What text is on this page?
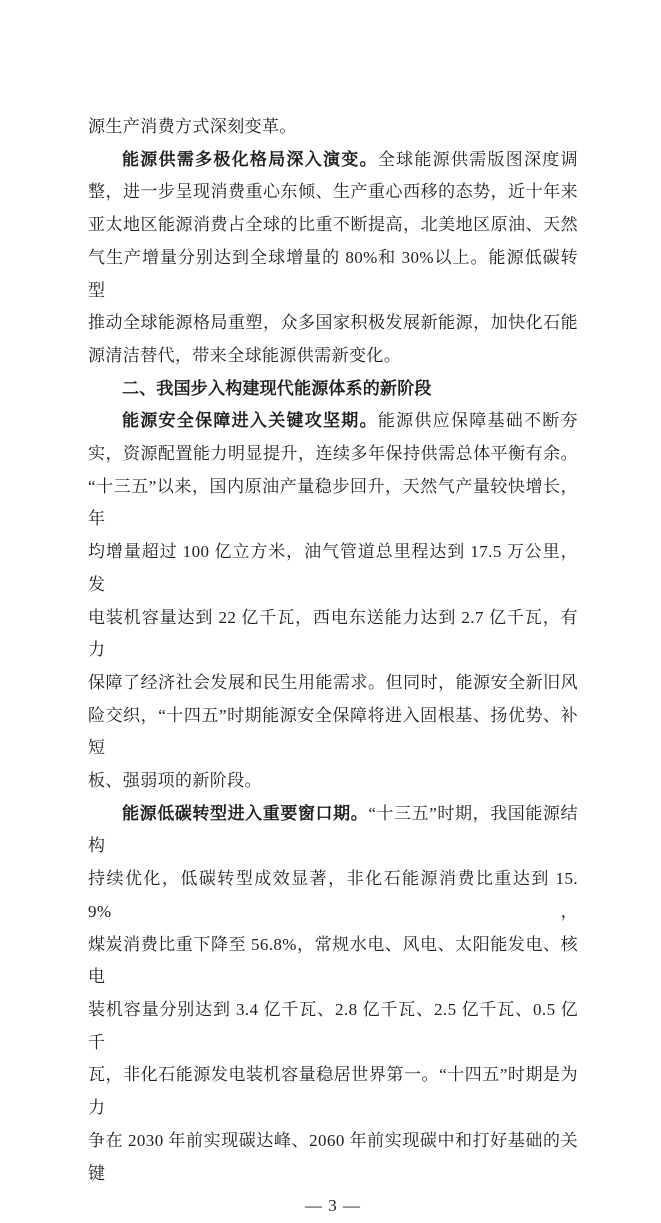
源生产消费方式深刻变革。
能源供需多极化格局深入演变。全球能源供需版图深度调
整，进一步呈现消费重心东倾、生产重心西移的态势，近十年来
亚太地区能源消费占全球的比重不断提高，北美地区原油、天然
气生产增量分别达到全球增量的 80%和 30%以上。能源低碳转型
推动全球能源格局重塑，众多国家积极发展新能源，加快化石能
源清洁替代，带来全球能源供需新变化。
二、我国步入构建现代能源体系的新阶段
能源安全保障进入关键攻坚期。能源供应保障基础不断夯
实，资源配置能力明显提升，连续多年保持供需总体平衡有余。
“十三五”以来，国内原油产量稳步回升，天然气产量较快增长，年
均增量超过 100 亿立方米，油气管道总里程达到 17.5 万公里，发
电装机容量达到 22 亿千瓦，西电东送能力达到 2.7 亿千瓦，有力
保障了经济社会发展和民生用能需求。但同时，能源安全新旧风
险交织，“十四五”时期能源安全保障将进入固根基、扬优势、补短
板、强弱项的新阶段。
能源低碳转型进入重要窗口期。“十三五”时期，我国能源结构
持续优化，低碳转型成效显著，非化石能源消费比重达到 15.9%，
煤炭消费比重下降至 56.8%，常规水电、风电、太阳能发电、核电
装机容量分别达到 3.4 亿千瓦、2.8 亿千瓦、2.5 亿千瓦、0.5 亿千
瓦，非化石能源发电装机容量稳居世界第一。“十四五”时期是为力
争在 2030 年前实现碳达峰、2060 年前实现碳中和打好基础的关键
— 3 —
